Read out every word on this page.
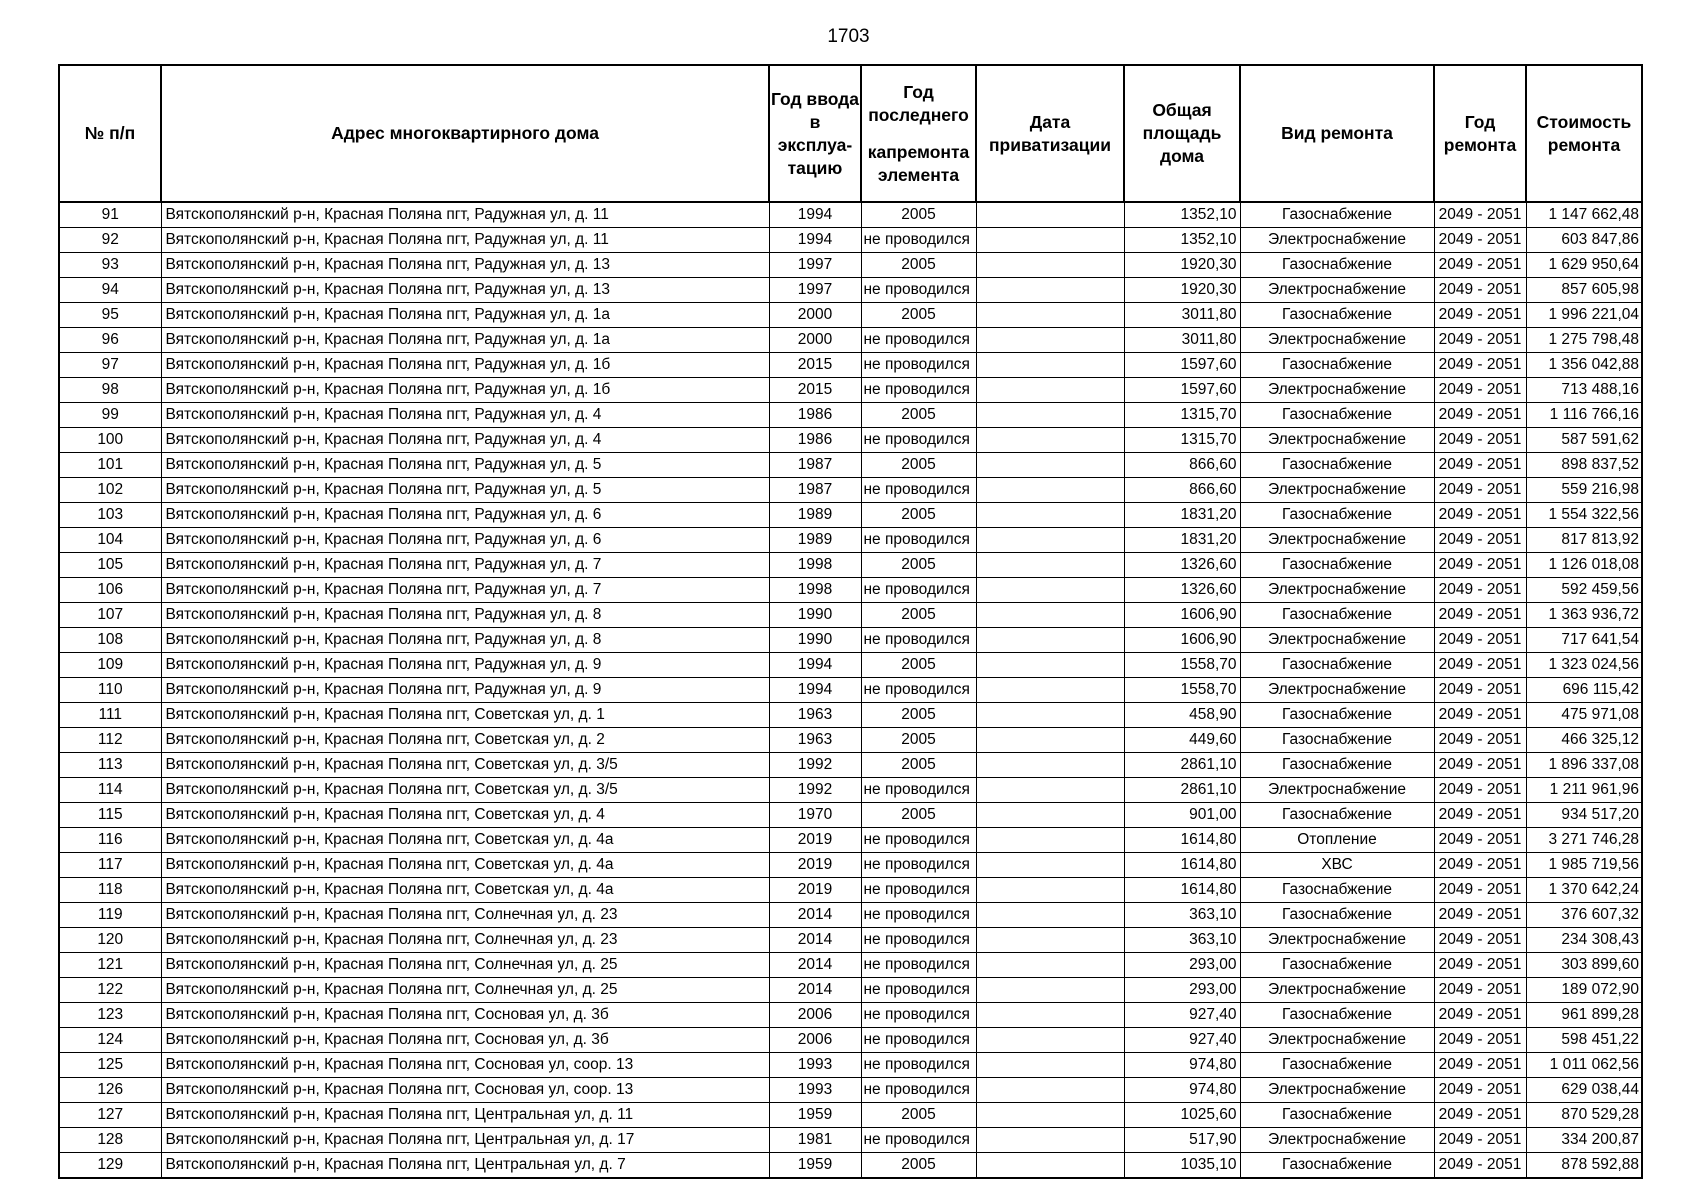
1703
№ п/п	Адрес многоквартирного дома	Год ввода в эксплуа-тацию	Год последнего
капремонта элемента	Дата приватизации	Общая площадь дома	Вид ремонта	Год ремонта	Стоимость ремонта
91	Вятскополянский р-н, Красная Поляна пгт, Радужная ул, д. 11	1994	2005		1352,10	Газоснабжение	2049 - 2051	1 147 662,48
92	Вятскополянский р-н, Красная Поляна пгт, Радужная ул, д. 11	1994	не проводился		1352,10	Электроснабжение	2049 - 2051	603 847,86
93	Вятскополянский р-н, Красная Поляна пгт, Радужная ул, д. 13	1997	2005		1920,30	Газоснабжение	2049 - 2051	1 629 950,64
94	Вятскополянский р-н, Красная Поляна пгт, Радужная ул, д. 13	1997	не проводился		1920,30	Электроснабжение	2049 - 2051	857 605,98
95	Вятскополянский р-н, Красная Поляна пгт, Радужная ул, д. 1а	2000	2005		3011,80	Газоснабжение	2049 - 2051	1 996 221,04
96	Вятскополянский р-н, Красная Поляна пгт, Радужная ул, д. 1а	2000	не проводился		3011,80	Электроснабжение	2049 - 2051	1 275 798,48
97	Вятскополянский р-н, Красная Поляна пгт, Радужная ул, д. 1б	2015	не проводился		1597,60	Газоснабжение	2049 - 2051	1 356 042,88
98	Вятскополянский р-н, Красная Поляна пгт, Радужная ул, д. 1б	2015	не проводился		1597,60	Электроснабжение	2049 - 2051	713 488,16
99	Вятскополянский р-н, Красная Поляна пгт, Радужная ул, д. 4	1986	2005		1315,70	Газоснабжение	2049 - 2051	1 116 766,16
100	Вятскополянский р-н, Красная Поляна пгт, Радужная ул, д. 4	1986	не проводился		1315,70	Электроснабжение	2049 - 2051	587 591,62
101	Вятскополянский р-н, Красная Поляна пгт, Радужная ул, д. 5	1987	2005		866,60	Газоснабжение	2049 - 2051	898 837,52
102	Вятскополянский р-н, Красная Поляна пгт, Радужная ул, д. 5	1987	не проводился		866,60	Электроснабжение	2049 - 2051	559 216,98
103	Вятскополянский р-н, Красная Поляна пгт, Радужная ул, д. 6	1989	2005		1831,20	Газоснабжение	2049 - 2051	1 554 322,56
104	Вятскополянский р-н, Красная Поляна пгт, Радужная ул, д. 6	1989	не проводился		1831,20	Электроснабжение	2049 - 2051	817 813,92
105	Вятскополянский р-н, Красная Поляна пгт, Радужная ул, д. 7	1998	2005		1326,60	Газоснабжение	2049 - 2051	1 126 018,08
106	Вятскополянский р-н, Красная Поляна пгт, Радужная ул, д. 7	1998	не проводился		1326,60	Электроснабжение	2049 - 2051	592 459,56
107	Вятскополянский р-н, Красная Поляна пгт, Радужная ул, д. 8	1990	2005		1606,90	Газоснабжение	2049 - 2051	1 363 936,72
108	Вятскополянский р-н, Красная Поляна пгт, Радужная ул, д. 8	1990	не проводился		1606,90	Электроснабжение	2049 - 2051	717 641,54
109	Вятскополянский р-н, Красная Поляна пгт, Радужная ул, д. 9	1994	2005		1558,70	Газоснабжение	2049 - 2051	1 323 024,56
110	Вятскополянский р-н, Красная Поляна пгт, Радужная ул, д. 9	1994	не проводился		1558,70	Электроснабжение	2049 - 2051	696 115,42
111	Вятскополянский р-н, Красная Поляна пгт, Советская ул, д. 1	1963	2005		458,90	Газоснабжение	2049 - 2051	475 971,08
112	Вятскополянский р-н, Красная Поляна пгт, Советская ул, д. 2	1963	2005		449,60	Газоснабжение	2049 - 2051	466 325,12
113	Вятскополянский р-н, Красная Поляна пгт, Советская ул, д. 3/5	1992	2005		2861,10	Газоснабжение	2049 - 2051	1 896 337,08
114	Вятскополянский р-н, Красная Поляна пгт, Советская ул, д. 3/5	1992	не проводился		2861,10	Электроснабжение	2049 - 2051	1 211 961,96
115	Вятскополянский р-н, Красная Поляна пгт, Советская ул, д. 4	1970	2005		901,00	Газоснабжение	2049 - 2051	934 517,20
116	Вятскополянский р-н, Красная Поляна пгт, Советская ул, д. 4а	2019	не проводился		1614,80	Отопление	2049 - 2051	3 271 746,28
117	Вятскополянский р-н, Красная Поляна пгт, Советская ул, д. 4а	2019	не проводился		1614,80	ХВС	2049 - 2051	1 985 719,56
118	Вятскополянский р-н, Красная Поляна пгт, Советская ул, д. 4а	2019	не проводился		1614,80	Газоснабжение	2049 - 2051	1 370 642,24
119	Вятскополянский р-н, Красная Поляна пгт, Солнечная ул, д. 23	2014	не проводился		363,10	Газоснабжение	2049 - 2051	376 607,32
120	Вятскополянский р-н, Красная Поляна пгт, Солнечная ул, д. 23	2014	не проводился		363,10	Электроснабжение	2049 - 2051	234 308,43
121	Вятскополянский р-н, Красная Поляна пгт, Солнечная ул, д. 25	2014	не проводился		293,00	Газоснабжение	2049 - 2051	303 899,60
122	Вятскополянский р-н, Красная Поляна пгт, Солнечная ул, д. 25	2014	не проводился		293,00	Электроснабжение	2049 - 2051	189 072,90
123	Вятскополянский р-н, Красная Поляна пгт, Сосновая ул, д. 3б	2006	не проводился		927,40	Газоснабжение	2049 - 2051	961 899,28
124	Вятскополянский р-н, Красная Поляна пгт, Сосновая ул, д. 3б	2006	не проводился		927,40	Электроснабжение	2049 - 2051	598 451,22
125	Вятскополянский р-н, Красная Поляна пгт, Сосновая ул, соор. 13	1993	не проводился		974,80	Газоснабжение	2049 - 2051	1 011 062,56
126	Вятскополянский р-н, Красная Поляна пгт, Сосновая ул, соор. 13	1993	не проводился		974,80	Электроснабжение	2049 - 2051	629 038,44
127	Вятскополянский р-н, Красная Поляна пгт, Центральная ул, д. 11	1959	2005		1025,60	Газоснабжение	2049 - 2051	870 529,28
128	Вятскополянский р-н, Красная Поляна пгт, Центральная ул, д. 17	1981	не проводился		517,90	Электроснабжение	2049 - 2051	334 200,87
129	Вятскополянский р-н, Красная Поляна пгт, Центральная ул, д. 7	1959	2005		1035,10	Газоснабжение	2049 - 2051	878 592,88
